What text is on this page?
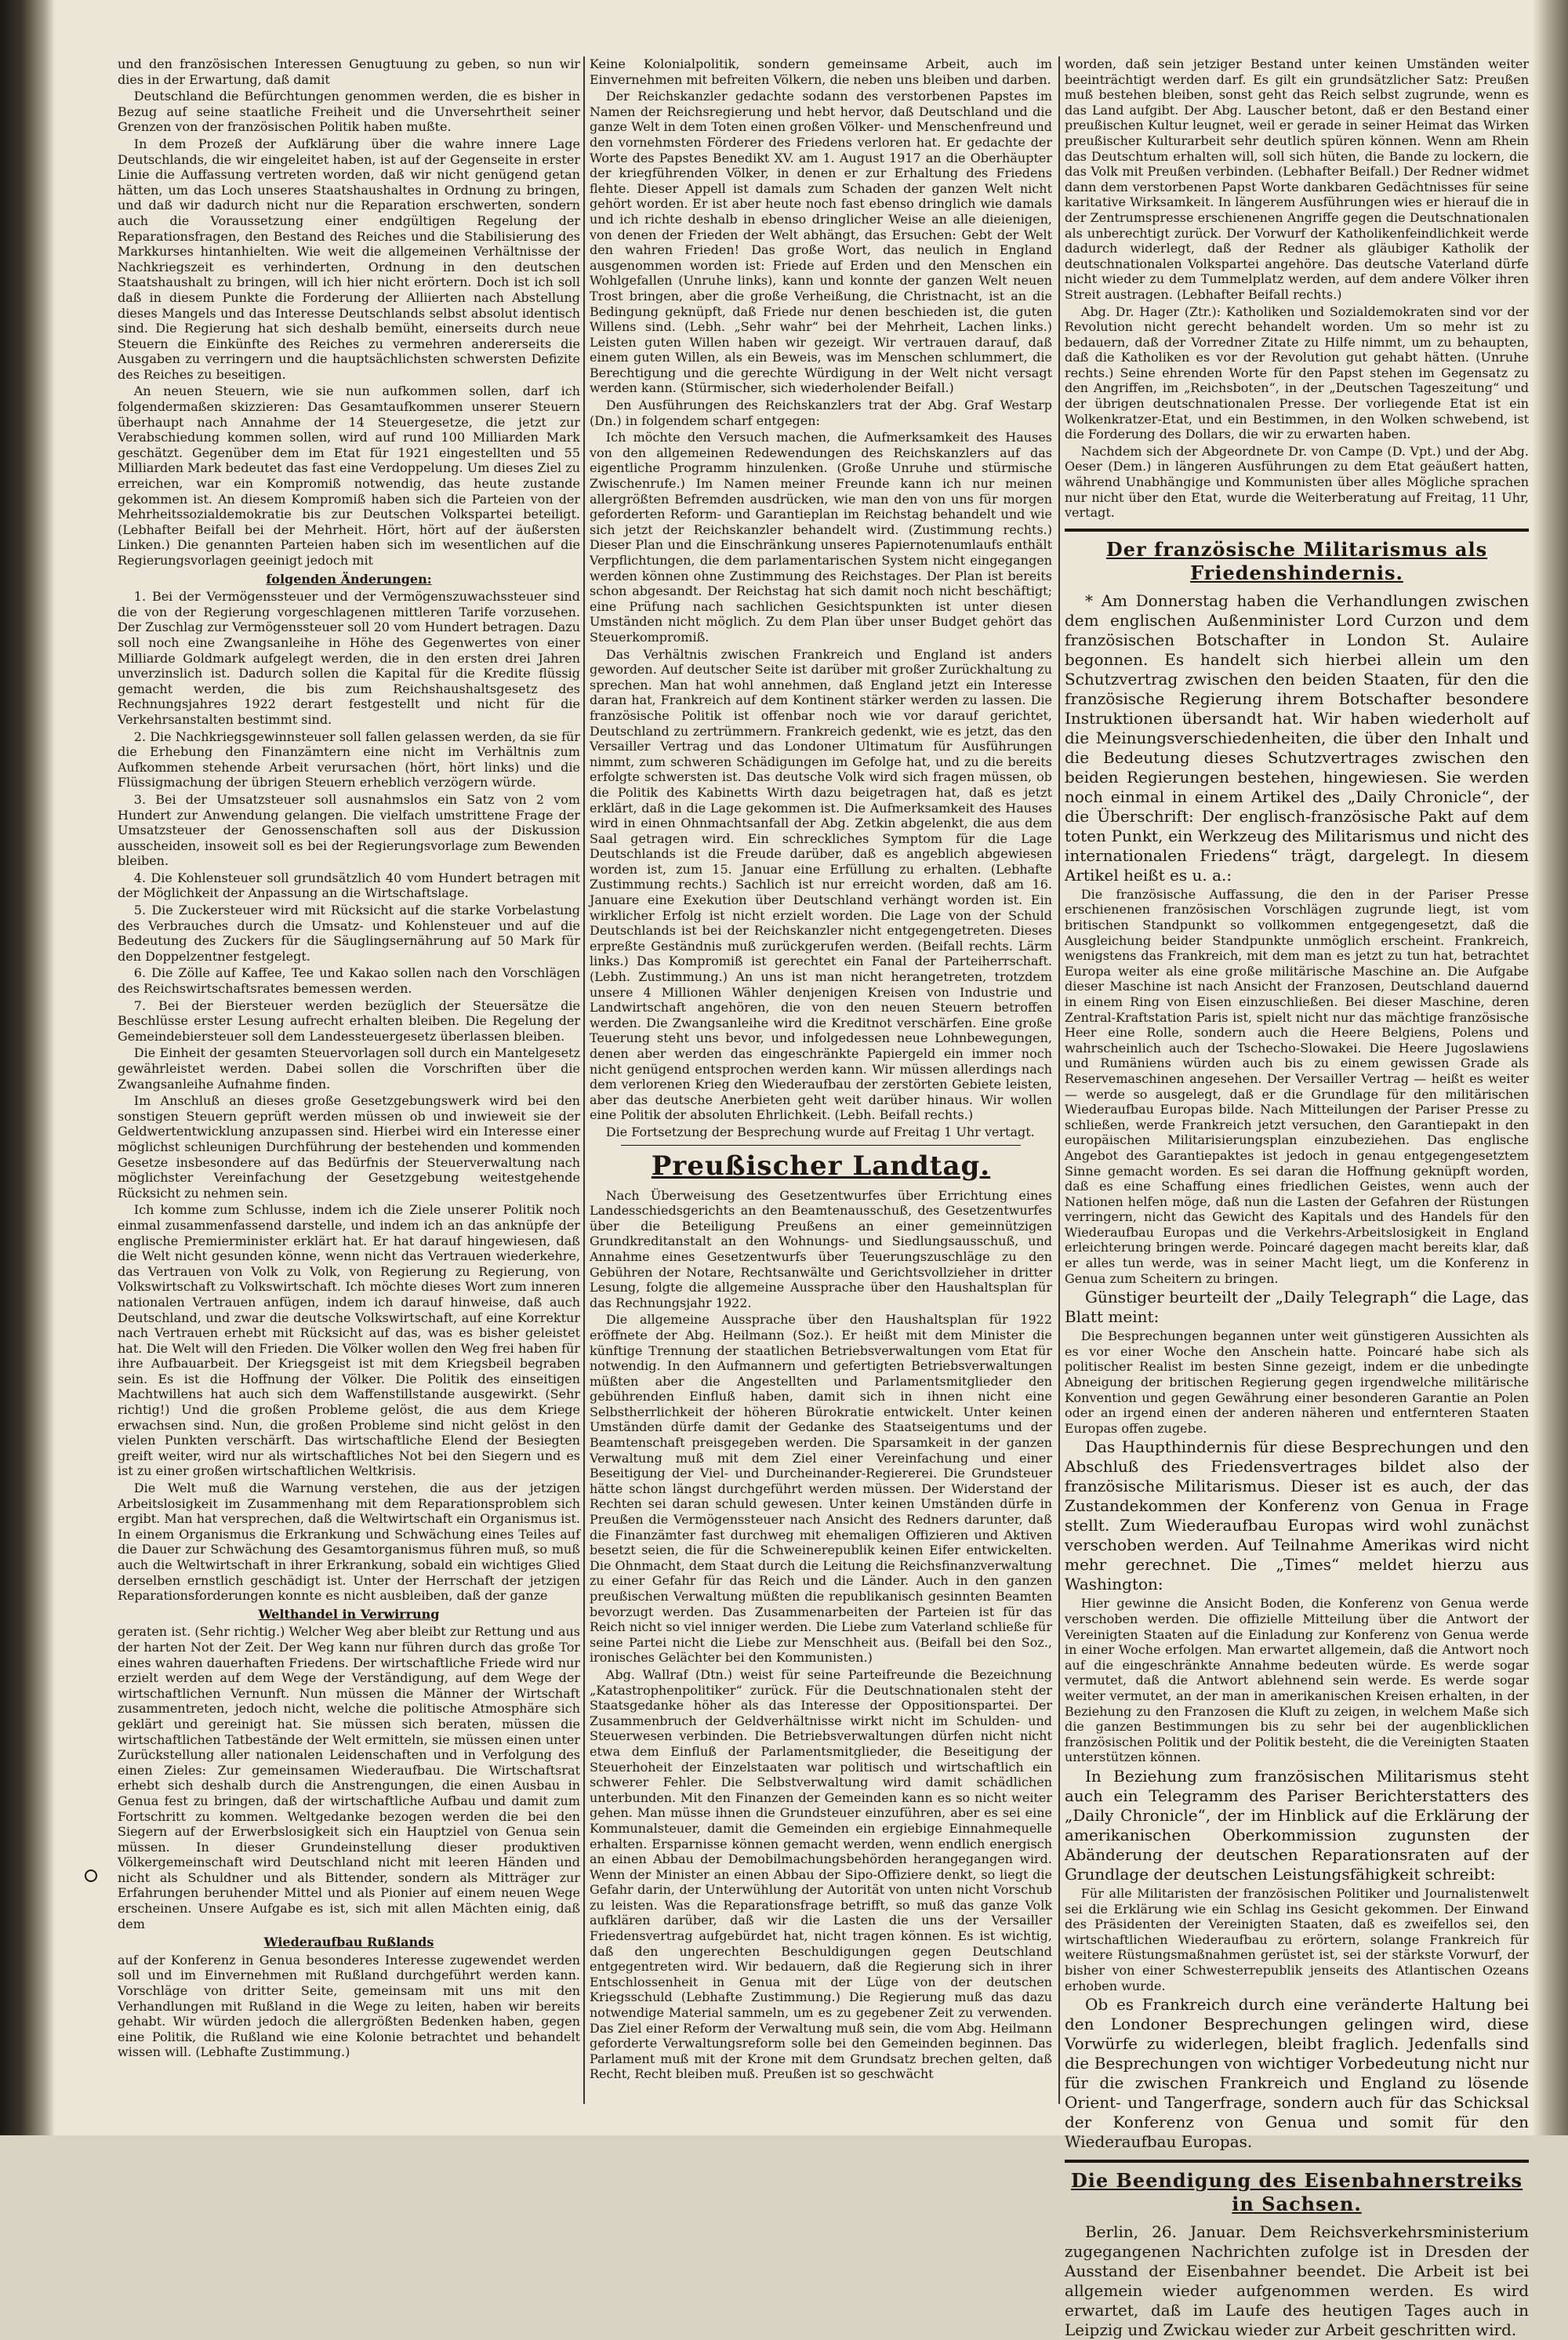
und den französischen Interessen Genugtuung zu geben, so nun wir dies in der Erwartung, daß damit

Deutschland die Befürchtungen genommen werden, die es bisher in Bezug auf seine staatliche Freiheit und die Unversehrtheit seiner Grenzen von der französischen Politik haben mußte.

In dem Prozeß der Aufklärung über die wahre innere Lage Deutschlands, die wir eingeleitet haben, ist auf der Gegenseite in erster Linie die Auffassung vertreten worden, daß wir nicht genügend getan hätten, um das Loch unseres Staatshaushaltes in Ordnung zu bringen, und daß wir dadurch nicht nur die Reparation erschwerten, sondern auch die Voraussetzung einer endgültigen Regelung der Reparationsfragen, den Bestand des Reiches und die Stabilisierung des Markkurses hintanhielten. Wie weit die allgemeinen Verhältnisse der Nachkriegszeit es verhinderten, Ordnung in den deutschen Staatshaushalt zu bringen, will ich hier nicht erörtern. Doch ist ich soll daß in diesem Punkte die Forderung der Alliierten nach Abstellung dieses Mangels und das Interesse Deutschlands selbst absolut identisch sind. Die Regierung hat sich deshalb bemüht, einerseits durch neue Steuern die Einkünfte des Reiches zu vermehren andererseits die Ausgaben zu verringern und die hauptsächlichsten schwersten Defizite des Reiches zu beseitigen.

An neuen Steuern, wie sie nun aufkommen sollen, darf ich folgendermaßen skizzieren: Das Gesamtaufkommen unserer Steuern überhaupt nach Annahme der 14 Steuergesetze, die jetzt zur Verabschiedung kommen sollen, wird auf rund 100 Milliarden Mark geschätzt. Gegenüber dem im Etat für 1921 eingestellten und 55 Milliarden Mark bedeutet das fast eine Verdoppelung. Um dieses Ziel zu erreichen, war ein Kompromiß notwendig, das heute zustande gekommen ist. An diesem Kompromiß haben sich die Parteien von der Mehrheitssozialdemokratie bis zur Deutschen Volkspartei beteiligt. (Lebhafter Beifall bei der Mehrheit. Hört, hört auf der äußersten Linken.) Die genannten Parteien haben sich im wesentlichen auf die Regierungsvorlagen geeinigt jedoch mit

folgenden Änderungen:

1. Bei der Vermögenssteuer und der Vermögenszuwachssteuer sind die von der Regierung vorgeschlagenen mittleren Tarife vorzusehen. Der Zuschlag zur Vermögenssteuer soll 20 vom Hundert betragen. Dazu soll noch eine Zwangsanleihe in Höhe des Gegenwertes von einer Milliarde Goldmark aufgelegt werden, die in den ersten drei Jahren unverzinslich ist. Dadurch sollen die Kapital für die Kredite flüssig gemacht werden, die bis zum Reichshaushaltsgesetz des Rechnungsjahres 1922 derart festgestellt und nicht für die Verkehrsanstalten bestimmt sind.

2. Die Nachkriegsgewinnsteuer soll fallen gelassen werden, da sie für die Erhebung den Finanzämtern eine nicht im Verhältnis zum Aufkommen stehende Arbeit verursachen (hört, hört links) und die Flüssigmachung der übrigen Steuern erheblich verzögern würde.

3. Bei der Umsatzsteuer soll ausnahmslos ein Satz von 2 vom Hundert zur Anwendung gelangen. Die vielfach umstrittene Frage der Umsatzsteuer der Genossenschaften soll aus der Diskussion ausscheiden, insoweit soll es bei der Regierungsvorlage zum Bewenden bleiben.

4. Die Kohlensteuer soll grundsätzlich 40 vom Hundert betragen mit der Möglichkeit der Anpassung an die Wirtschaftslage.

5. Die Zuckersteuer wird mit Rücksicht auf die starke Vorbelastung des Verbrauches durch die Umsatz- und Kohlensteuer und auf die Bedeutung des Zuckers für die Säuglingsernährung auf 50 Mark für den Doppelzentner festgelegt.

6. Die Zölle auf Kaffee, Tee und Kakao sollen nach den Vorschlägen des Reichswirtschaftsrates bemessen werden.

7. Bei der Biersteuer werden bezüglich der Steuersätze die Beschlüsse erster Lesung aufrecht erhalten bleiben. Die Regelung der Gemeindebiersteuer soll dem Landessteuergesetz überlassen bleiben.

Die Einheit der gesamten Steuervorlagen soll durch ein Mantelgesetz gewährleistet werden. Dabei sollen die Vorschriften über die Zwangsanleihe Aufnahme finden.

Im Anschluß an dieses große Gesetzgebungswerk wird bei den sonstigen Steuern geprüft werden müssen ob und inwieweit sie der Geldwertentwicklung anzupassen sind. Hierbei wird ein Interesse einer möglichst schleunigen Durchführung der bestehenden und kommenden Gesetze insbesondere auf das Bedürfnis der Steuerverwaltung nach möglichster Vereinfachung der Gesetzgebung weitestgehende Rücksicht zu nehmen sein.

Ich komme zum Schlusse, indem ich die Ziele unserer Politik noch einmal zusammenfassend darstelle, und indem ich an das anknüpfe der englische Premierminister erklärt hat. Er hat darauf hingewiesen, daß die Welt nicht gesunden könne, wenn nicht das Vertrauen wiederkehre, das Vertrauen von Volk zu Volk, von Regierung zu Regierung, von Volkswirtschaft zu Volkswirtschaft. Ich möchte dieses Wort zum inneren nationalen Vertrauen anfügen, indem ich darauf hinweise, daß auch Deutschland, und zwar die deutsche Volkswirtschaft, auf eine Korrektur nach Vertrauen erhebt mit Rücksicht auf das, was es bisher geleistet hat. Die Welt will den Frieden. Die Völker wollen den Weg frei haben für ihre Aufbauarbeit. Der Kriegsgeist ist mit dem Kriegsbeil begraben sein. Es ist die Hoffnung der Völker. Die Politik des einseitigen Machtwillens hat auch sich dem Waffenstillstande ausgewirkt. (Sehr richtig!) Und die großen Probleme gelöst, die aus dem Kriege erwachsen sind. Nun, die großen Probleme sind nicht gelöst in den vielen Punkten verschärft. Das wirtschaftliche Elend der Besiegten greift weiter, wird nur als wirtschaftliches Not bei den Siegern und es ist zu einer großen wirtschaftlichen Weltkrisis.

Die Welt muß die Warnung verstehen, die aus der jetzigen Arbeitslosigkeit im Zusammenhang mit dem Reparationsproblem sich ergibt. Man hat versprechen, daß die Weltwirtschaft ein Organismus ist. In einem Organismus die Erkrankung und Schwächung eines Teiles auf die Dauer zur Schwächung des Gesamtorganismus führen muß, so muß auch die Weltwirtschaft in ihrer Erkrankung, sobald ein wichtiges Glied derselben ernstlich geschädigt ist. Unter der Herrschaft der jetzigen Reparationsforderungen konnte es nicht ausbleiben, daß der ganze

Welthandel in Verwirrung

geraten ist. (Sehr richtig.) Welcher Weg aber bleibt zur Rettung und aus der harten Not der Zeit. Der Weg kann nur führen durch das große Tor eines wahren dauerhaften Friedens. Der wirtschaftliche Friede wird nur erzielt werden auf dem Wege der Verständigung, auf dem Wege der wirtschaftlichen Vernunft. Nun müssen die Männer der Wirtschaft zusammentreten, jedoch nicht, welche die politische Atmosphäre sich geklärt und gereinigt hat. Sie müssen sich beraten, müssen die wirtschaftlichen Tatbestände der Welt ermitteln, sie müssen einen unter Zurückstellung aller nationalen Leidenschaften und in Verfolgung des einen Zieles: Zur gemeinsamen Wiederaufbau. Die Wirtschaftsrat erhebt sich deshalb durch die Anstrengungen, die einen Ausbau in Genua fest zu bringen, daß der wirtschaftliche Aufbau und damit zum Fortschritt zu kommen. Weltgedanke bezogen werden die bei den Siegern auf der Erwerbslosigkeit sich ein Hauptziel von Genua sein müssen. In dieser Grundeinstellung dieser produktiven Völkergemeinschaft wird Deutschland nicht mit leeren Händen und nicht als Schuldner und als Bittender, sondern als Mitträger zur Erfahrungen beruhender Mittel und als Pionier auf einem neuen Wege erscheinen. Unsere Aufgabe es ist, sich mit allen Mächten einig, daß dem

Wiederaufbau Rußlands

auf der Konferenz in Genua besonderes Interesse zugewendet werden soll und im Einvernehmen mit Rußland durchgeführt werden kann. Vorschläge von dritter Seite, gemeinsam mit uns mit den Verhandlungen mit Rußland in die Wege zu leiten, haben wir bereits gehabt. Wir würden jedoch die allergrößten Bedenken haben, gegen eine Politik, die Rußland wie eine Kolonie betrachtet und behandelt wissen will. (Lebhafte Zustimmung.)

Keine Kolonialpolitik, sondern gemeinsame Arbeit, auch im Einvernehmen mit befreiten Völkern, die neben uns bleiben und darben.

Der Reichskanzler gedachte sodann des verstorbenen Papstes im Namen der Reichsregierung und hebt hervor, daß Deutschland und die ganze Welt in dem Toten einen großen Völker- und Menschenfreund und den vornehmsten Förderer des Friedens verloren hat. Er gedachte der Worte des Papstes Benedikt XV. am 1. August 1917 an die Oberhäupter der kriegführenden Völker, in denen er zur Erhaltung des Friedens flehte. Dieser Appell ist damals zum Schaden der ganzen Welt nicht gehört worden. Er ist aber heute noch fast ebenso dringlich wie damals und ich richte deshalb in ebenso dringlicher Weise an alle dieienigen, von denen der Frieden der Welt abhängt, das Ersuchen: Gebt der Welt den wahren Frieden! Das große Wort, das neulich in England ausgenommen worden ist: Friede auf Erden und den Menschen ein Wohlgefallen (Unruhe links), kann und konnte der ganzen Welt neuen Trost bringen, aber die große Verheißung, die Christnacht, ist an die Bedingung geknüpft, daß Friede nur denen beschieden ist, die guten Willens sind. (Lebh. „Sehr wahr“ bei der Mehrheit, Lachen links.) Leisten guten Willen haben wir gezeigt. Wir vertrauen darauf, daß einem guten Willen, als ein Beweis, was im Menschen schlummert, die Berechtigung und die gerechte Würdigung in der Welt nicht versagt werden kann. (Stürmischer, sich wiederholender Beifall.)

Den Ausführungen des Reichskanzlers trat der Abg. Graf Westarp (Dn.) in folgendem scharf entgegen:

Ich möchte den Versuch machen, die Aufmerksamkeit des Hauses von den allgemeinen Redewendungen des Reichskanzlers auf das eigentliche Programm hinzulenken. (Große Unruhe und stürmische Zwischenrufe.) Im Namen meiner Freunde kann ich nur meinen allergrößten Befremden ausdrücken, wie man den von uns für morgen geforderten Reform- und Garantieplan im Reichstag behandelt und wie sich jetzt der Reichskanzler behandelt wird. (Zustimmung rechts.) Dieser Plan und die Einschränkung unseres Papiernotenumlaufs enthält Verpflichtungen, die dem parlamentarischen System nicht eingegangen werden können ohne Zustimmung des Reichstages. Der Plan ist bereits schon abgesandt. Der Reichstag hat sich damit noch nicht beschäftigt; eine Prüfung nach sachlichen Gesichtspunkten ist unter diesen Umständen nicht möglich. Zu dem Plan über unser Budget gehört das Steuerkompromiß.

Das Verhältnis zwischen Frankreich und England ist anders geworden. Auf deutscher Seite ist darüber mit großer Zurückhaltung zu sprechen. Man hat wohl annehmen, daß England jetzt ein Interesse daran hat, Frankreich auf dem Kontinent stärker werden zu lassen. Die französische Politik ist offenbar noch wie vor darauf gerichtet, Deutschland zu zertrümmern. Frankreich gedenkt, wie es jetzt, das den Versailler Vertrag und das Londoner Ultimatum für Ausführungen nimmt, zum schweren Schädigungen im Gefolge hat, und zu die bereits erfolgte schwersten ist. Das deutsche Volk wird sich fragen müssen, ob die Politik des Kabinetts Wirth dazu beigetragen hat, daß es jetzt erklärt, daß in die Lage gekommen ist. Die Aufmerksamkeit des Hauses wird in einen Ohnmachtsanfall der Abg. Zetkin abgelenkt, die aus dem Saal getragen wird. Ein schreckliches Symptom für die Lage Deutschlands ist die Freude darüber, daß es angeblich abgewiesen worden ist, zum 15. Januar eine Erfüllung zu erhalten. (Lebhafte Zustimmung rechts.) Sachlich ist nur erreicht worden, daß am 16. Januare eine Exekution über Deutschland verhängt worden ist. Ein wirklicher Erfolg ist nicht erzielt worden. Die Lage von der Schuld Deutschlands ist bei der Reichskanzler nicht entgegengetreten. Dieses erpreßte Geständnis muß zurückgerufen werden. (Beifall rechts. Lärm links.) Das Kompromiß ist gerechtet ein Fanal der Parteiherrschaft. (Lebh. Zustimmung.) An uns ist man nicht herangetreten, trotzdem unsere 4 Millionen Wähler denjenigen Kreisen von Industrie und Landwirtschaft angehören, die von den neuen Steuern betroffen werden. Die Zwangsanleihe wird die Kreditnot verschärfen. Eine große Teuerung steht uns bevor, und infolgedessen neue Lohnbewegungen, denen aber werden das eingeschränkte Papiergeld ein immer noch nicht genügend entsprochen werden kann. Wir müssen allerdings nach dem verlorenen Krieg den Wiederaufbau der zerstörten Gebiete leisten, aber das deutsche Anerbieten geht weit darüber hinaus. Wir wollen eine Politik der absoluten Ehrlichkeit. (Lebh. Beifall rechts.)

Die Fortsetzung der Besprechung wurde auf Freitag 1 Uhr vertagt.

Preußischer Landtag.

Nach Überweisung des Gesetzentwurfes über Errichtung eines Landesschiedsgerichts an den Beamtenausschuß, des Gesetzentwurfes über die Beteiligung Preußens an einer gemeinnützigen Grundkreditanstalt an den Wohnungs- und Siedlungsausschuß, und Annahme eines Gesetzentwurfs über Teuerungszuschläge zu den Gebühren der Notare, Rechtsanwälte und Gerichtsvollzieher in dritter Lesung, folgte die allgemeine Aussprache über den Haushaltsplan für das Rechnungsjahr 1922.

Die allgemeine Aussprache über den Haushaltsplan für 1922 eröffnete der Abg. Heilmann (Soz.). Er heißt mit dem Minister die künftige Trennung der staatlichen Betriebsverwaltungen vom Etat für notwendig. In den Aufmannern und gefertigten Betriebsverwaltungen müßten aber die Angestellten und Parlamentsmitglieder den gebührenden Einfluß haben, damit sich in ihnen nicht eine Selbstherrlichkeit der höheren Bürokratie entwickelt. Unter keinen Umständen dürfe damit der Gedanke des Staatseigentums und der Beamtenschaft preisgegeben werden. Die Sparsamkeit in der ganzen Verwaltung muß mit dem Ziel einer Vereinfachung und einer Beseitigung der Viel- und Durcheinander-Regiererei. Die Grundsteuer hätte schon längst durchgeführt werden müssen. Der Widerstand der Rechten sei daran schuld gewesen. Unter keinen Umständen dürfe in Preußen die Vermögenssteuer nach Ansicht des Redners darunter, daß die Finanzämter fast durchweg mit ehemaligen Offizieren und Aktiven besetzt seien, die für die Schweinerepublik keinen Eifer entwickelten. Die Ohnmacht, dem Staat durch die Leitung die Reichsfinanzverwaltung zu einer Gefahr für das Reich und die Länder. Auch in den ganzen preußischen Verwaltung müßten die republikanisch gesinnten Beamten bevorzugt werden. Das Zusammenarbeiten der Parteien ist für das Reich nicht so viel inniger werden. Die Liebe zum Vaterland schließe für seine Partei nicht die Liebe zur Menschheit aus. (Beifall bei den Soz., ironisches Gelächter bei den Kommunisten.)

Abg. Wallraf (Dtn.) weist für seine Parteifreunde die Bezeichnung „Katastrophenpolitiker“ zurück. Für die Deutschnationalen steht der Staatsgedanke höher als das Interesse der Oppositionspartei. Der Zusammenbruch der Geldverhältnisse wirkt nicht im Schulden- und Steuerwesen verbinden. Die Betriebsverwaltungen dürfen nicht nicht etwa dem Einfluß der Parlamentsmitglieder, die Beseitigung der Steuerhoheit der Einzelstaaten war politisch und wirtschaftlich ein schwerer Fehler. Die Selbstverwaltung wird damit schädlichen unterbunden. Mit den Finanzen der Gemeinden kann es so nicht weiter gehen. Man müsse ihnen die Grundsteuer einzuführen, aber es sei eine Kommunalsteuer, damit die Gemeinden ein ergiebige Einnahmequelle erhalten. Ersparnisse können gemacht werden, wenn endlich energisch an einen Abbau der Demobilmachungsbehörden herangegangen wird. Wenn der Minister an einen Abbau der Sipo-Offiziere denkt, so liegt die Gefahr darin, der Unterwühlung der Autorität von unten nicht Vorschub zu leisten. Was die Reparationsfrage betrifft, so muß das ganze Volk aufklären darüber, daß wir die Lasten die uns der Versailler Friedensvertrag aufgebürdet hat, nicht tragen können. Es ist wichtig, daß den ungerechten Beschuldigungen gegen Deutschland entgegentreten wird. Wir bedauern, daß die Regierung sich in ihrer Entschlossenheit in Genua mit der Lüge von der deutschen Kriegsschuld (Lebhafte Zustimmung.) Die Regierung muß das dazu notwendige Material sammeln, um es zu gegebener Zeit zu verwenden. Das Ziel einer Reform der Verwaltung muß sein, die vom Abg. Heilmann geforderte Verwaltungsreform solle bei den Gemeinden beginnen. Das Parlament muß mit der Krone mit dem Grundsatz brechen gelten, daß Recht, Recht bleiben muß. Preußen ist so geschwächt

worden, daß sein jetziger Bestand unter keinen Umständen weiter beeinträchtigt werden darf. Es gilt ein grundsätzlicher Satz: Preußen muß bestehen bleiben, sonst geht das Reich selbst zugrunde, wenn es das Land aufgibt. Der Abg. Lauscher betont, daß er den Bestand einer preußischen Kultur leugnet, weil er gerade in seiner Heimat das Wirken preußischer Kulturarbeit sehr deutlich spüren können. Wenn am Rhein das Deutschtum erhalten will, soll sich hüten, die Bande zu lockern, die das Volk mit Preußen verbinden. (Lebhafter Beifall.) Der Redner widmet dann dem verstorbenen Papst Worte dankbaren Gedächtnisses für seine karitative Wirksamkeit. In längerem Ausführungen wies er hierauf die in der Zentrumspresse erschienenen Angriffe gegen die Deutschnationalen als unberechtigt zurück. Der Vorwurf der Katholikenfeindlichkeit werde dadurch widerlegt, daß der Redner als gläubiger Katholik der deutschnationalen Volkspartei angehöre. Das deutsche Vaterland dürfe nicht wieder zu dem Tummelplatz werden, auf dem andere Völker ihren Streit austragen. (Lebhafter Beifall rechts.)

Abg. Dr. Hager (Ztr.): Katholiken und Sozialdemokraten sind vor der Revolution nicht gerecht behandelt worden. Um so mehr ist zu bedauern, daß der Vorredner Zitate zu Hilfe nimmt, um zu behaupten, daß die Katholiken es vor der Revolution gut gehabt hätten. (Unruhe rechts.) Seine ehrenden Worte für den Papst stehen im Gegensatz zu den Angriffen, im „Reichsboten“, in der „Deutschen Tageszeitung“ und der übrigen deutschnationalen Presse. Der vorliegende Etat ist ein Wolkenkratzer-Etat, und ein Bestimmen, in den Wolken schwebend, ist die Forderung des Dollars, die wir zu erwarten haben.

Nachdem sich der Abgeordnete Dr. von Campe (D. Vpt.) und der Abg. Oeser (Dem.) in längeren Ausführungen zu dem Etat geäußert hatten, während Unabhängige und Kommunisten über alles Mögliche sprachen nur nicht über den Etat, wurde die Weiterberatung auf Freitag, 11 Uhr, vertagt.

Der französische Militarismus als Friedenshindernis.

* Am Donnerstag haben die Verhandlungen zwischen dem englischen Außenminister Lord Curzon und dem französischen Botschafter in London St. Aulaire begonnen. Es handelt sich hierbei allein um den Schutzvertrag zwischen den beiden Staaten, für den die französische Regierung ihrem Botschafter besondere Instruktionen übersandt hat. Wir haben wiederholt auf die Meinungsverschiedenheiten, die über den Inhalt und die Bedeutung dieses Schutzvertrages zwischen den beiden Regierungen bestehen, hingewiesen. Sie werden noch einmal in einem Artikel des „Daily Chronicle“, der die Überschrift: Der englisch-französische Pakt auf dem toten Punkt, ein Werkzeug des Militarismus und nicht des internationalen Friedens“ trägt, dargelegt. In diesem Artikel heißt es u. a.:

Die französische Auffassung, die den in der Pariser Presse erschienenen französischen Vorschlägen zugrunde liegt, ist vom britischen Standpunkt so vollkommen entgegengesetzt, daß die Ausgleichung beider Standpunkte unmöglich erscheint. Frankreich, wenigstens das Frankreich, mit dem man es jetzt zu tun hat, betrachtet Europa weiter als eine große militärische Maschine an. Die Aufgabe dieser Maschine ist nach Ansicht der Franzosen, Deutschland dauernd in einem Ring von Eisen einzuschließen. Bei dieser Maschine, deren Zentral-Kraftstation Paris ist, spielt nicht nur das mächtige französische Heer eine Rolle, sondern auch die Heere Belgiens, Polens und wahrscheinlich auch der Tschecho-Slowakei. Die Heere Jugoslawiens und Rumäniens würden auch bis zu einem gewissen Grade als Reservemaschinen angesehen. Der Versailler Vertrag — heißt es weiter — werde so ausgelegt, daß er die Grundlage für den militärischen Wiederaufbau Europas bilde. Nach Mitteilungen der Pariser Presse zu schließen, werde Frankreich jetzt versuchen, den Garantiepakt in den europäischen Militarisierungsplan einzubeziehen. Das englische Angebot des Garantiepaktes ist jedoch in genau entgegengesetztem Sinne gemacht worden. Es sei daran die Hoffnung geknüpft worden, daß es eine Schaffung eines friedlichen Geistes, wenn auch der Nationen helfen möge, daß nun die Lasten der Gefahren der Rüstungen verringern, nicht das Gewicht des Kapitals und des Handels für den Wiederaufbau Europas und die Verkehrs-Arbeitslosigkeit in England erleichterung bringen werde. Poincaré dagegen macht bereits klar, daß er alles tun werde, was in seiner Macht liegt, um die Konferenz in Genua zum Scheitern zu bringen.

Günstiger beurteilt der „Daily Telegraph“ die Lage, das Blatt meint:

Die Besprechungen begannen unter weit günstigeren Aussichten als es vor einer Woche den Anschein hatte. Poincaré habe sich als politischer Realist im besten Sinne gezeigt, indem er die unbedingte Abneigung der britischen Regierung gegen irgendwelche militärische Konvention und gegen Gewährung einer besonderen Garantie an Polen oder an irgend einen der anderen näheren und entfernteren Staaten Europas offen zugebe.

Das Haupthindernis für diese Besprechungen und den Abschluß des Friedensvertrages bildet also der französische Militarismus. Dieser ist es auch, der das Zustandekommen der Konferenz von Genua in Frage stellt. Zum Wiederaufbau Europas wird wohl zunächst verschoben werden. Auf Teilnahme Amerikas wird nicht mehr gerechnet. Die „Times“ meldet hierzu aus Washington:

Hier gewinne die Ansicht Boden, die Konferenz von Genua werde verschoben werden. Die offizielle Mitteilung über die Antwort der Vereinigten Staaten auf die Einladung zur Konferenz von Genua werde in einer Woche erfolgen. Man erwartet allgemein, daß die Antwort noch auf die eingeschränkte Annahme bedeuten würde. Es werde sogar vermutet, daß die Antwort ablehnend sein werde. Es werde sogar weiter vermutet, an der man in amerikanischen Kreisen erhalten, in der Beziehung zu den Franzosen die Kluft zu zeigen, in welchem Maße sich die ganzen Bestimmungen bis zu sehr bei der augenblicklichen französischen Politik und der Politik besteht, die die Vereinigten Staaten unterstützen können.

In Beziehung zum französischen Militarismus steht auch ein Telegramm des Pariser Berichterstatters des „Daily Chronicle“, der im Hinblick auf die Erklärung der amerikanischen Oberkommission zugunsten der Abänderung der deutschen Reparationsraten auf der Grundlage der deutschen Leistungsfähigkeit schreibt:

Für alle Militaristen der französischen Politiker und Journalistenwelt sei die Erklärung wie ein Schlag ins Gesicht gekommen. Der Einwand des Präsidenten der Vereinigten Staaten, daß es zweifellos sei, den wirtschaftlichen Wiederaufbau zu erörtern, solange Frankreich für weitere Rüstungsmaßnahmen gerüstet ist, sei der stärkste Vorwurf, der bisher von einer Schwesterrepublik jenseits des Atlantischen Ozeans erhoben wurde.

Ob es Frankreich durch eine veränderte Haltung bei den Londoner Besprechungen gelingen wird, diese Vorwürfe zu widerlegen, bleibt fraglich. Jedenfalls sind die Besprechungen von wichtiger Vorbedeutung nicht nur für die zwischen Frankreich und England zu lösende Orient- und Tangerfrage, sondern auch für das Schicksal der Konferenz von Genua und somit für den Wiederaufbau Europas.

Die Beendigung des Eisenbahnerstreiks in Sachsen.

Berlin, 26. Januar. Dem Reichsverkehrsministerium zugegangenen Nachrichten zufolge ist in Dresden der Ausstand der Eisenbahner beendet. Die Arbeit ist bei allgemein wieder aufgenommen werden. Es wird erwartet, daß im Laufe des heutigen Tages auch in Leipzig und Zwickau wieder zur Arbeit geschritten wird.
